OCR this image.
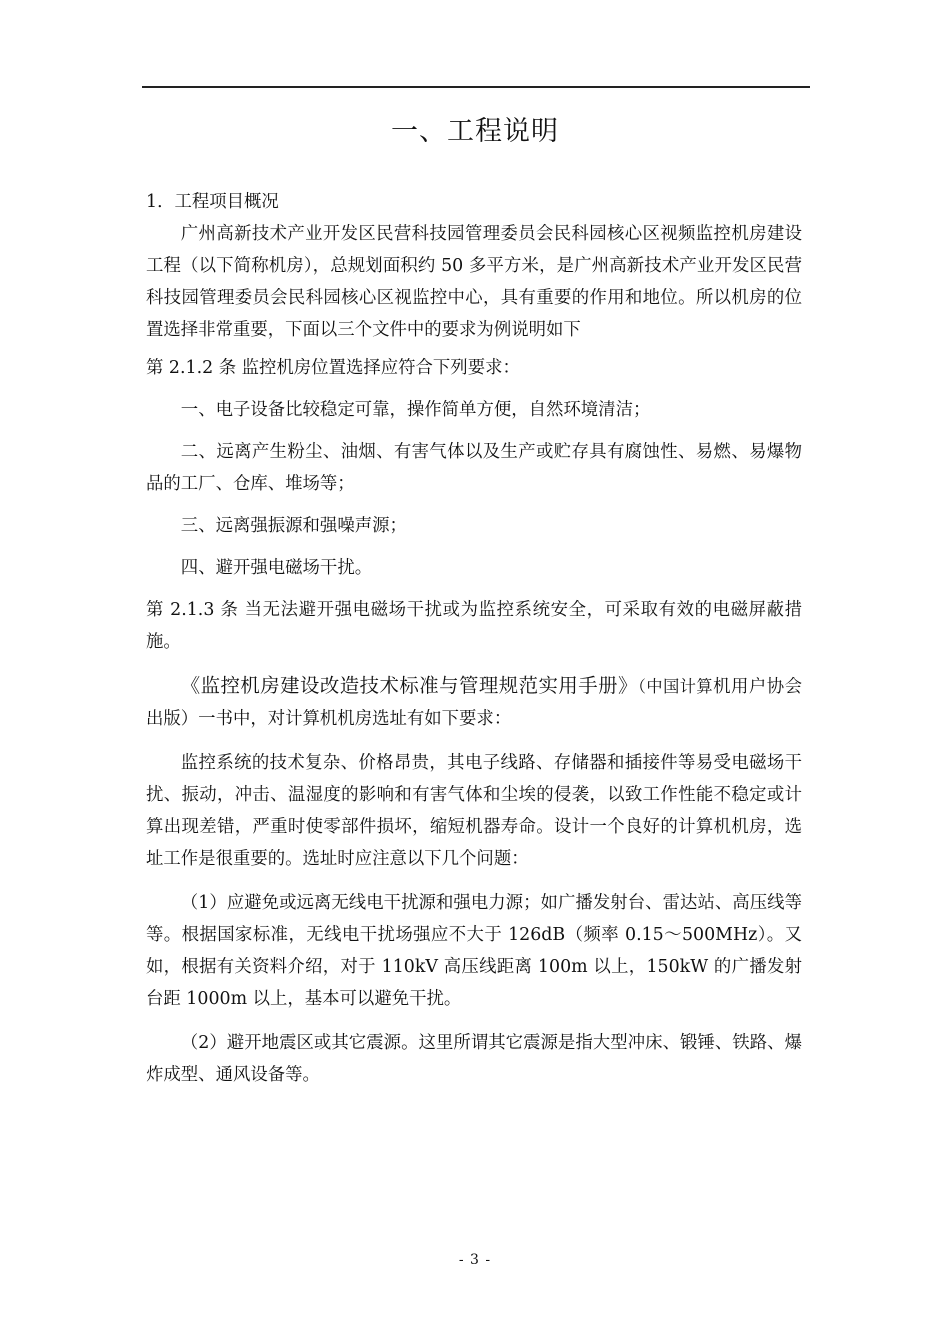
一、工程说明

1．工程项目概况

广州高新技术产业开发区民营科技园管理委员会民科园核心区视频监控机房建设工程（以下简称机房），总规划面积约 50 多平方米，是广州高新技术产业开发区民营科技园管理委员会民科园核心区视监控中心，具有重要的作用和地位。所以机房的位置选择非常重要，下面以三个文件中的要求为例说明如下

第 2.1.2 条 监控机房位置选择应符合下列要求：

一、电子设备比较稳定可靠，操作简单方便，自然环境清洁；

二、远离产生粉尘、油烟、有害气体以及生产或贮存具有腐蚀性、易燃、易爆物品的工厂、仓库、堆场等；

三、远离强振源和强噪声源；

四、避开强电磁场干扰。

第 2.1.3 条 当无法避开强电磁场干扰或为监控系统安全，可采取有效的电磁屏蔽措施。

《监控机房建设改造技术标准与管理规范实用手册》（中国计算机用户协会出版）一书中，对计算机机房选址有如下要求：

监控系统的技术复杂、价格昂贵，其电子线路、存储器和插接件等易受电磁场干扰、振动，冲击、温湿度的影响和有害气体和尘埃的侵袭，以致工作性能不稳定或计算出现差错，严重时使零部件损坏，缩短机器寿命。设计一个良好的计算机机房，选址工作是很重要的。选址时应注意以下几个问题：

（1）应避免或远离无线电干扰源和强电力源；如广播发射台、雷达站、高压线等等。根据国家标准，无线电干扰场强应不大于 126dB（频率 0.15～500MHz）。又如，根据有关资料介绍，对于 110kV 高压线距离 100m 以上，150kW 的广播发射台距 1000m 以上，基本可以避免干扰。

（2）避开地震区或其它震源。这里所谓其它震源是指大型冲床、锻锤、铁路、爆炸成型、通风设备等。

- 3 -
